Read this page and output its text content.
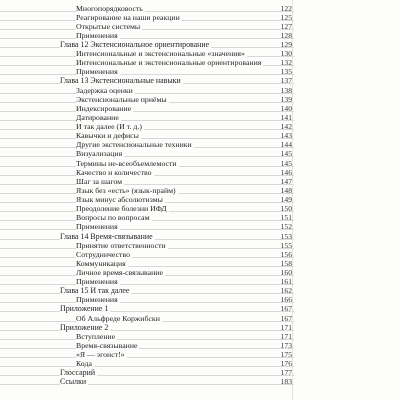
Многопорядковость	122
Реагирование на наши реакции	125
Открытые системы	127
Применения	128
Глава 12 Экстенсиональное ориентирование	129
Интенсиональные и экстенсиональные «значения»	130
Интенсиональные и экстенсиональные ориентирования	132
Применения	135
Глава 13 Экстенсиональные навыки	137
Задержка оценки	138
Экстенсиональные приёмы	139
Индексирование	140
Датирование	141
И так далее (И т. д.)	142
Кавычки и дефисы	143
Другие экстенсиональные техники	144
Визуализация	145
Термины не-всеобъемлемости	145
Качество и количество	146
Шаг за шагом	147
Язык без «есть» (язык-прайм)	148
Язык минус абсолютизмы	149
Преодоление болезни ИФД	150
Вопросы по вопросам	151
Применения	152
Глава 14 Время-связывание	153
Принятие ответственности	155
Сотрудничество	156
Коммуникация	158
Личное время-связывание	160
Применения	161
Глава 15 И так далее	162
Применения	166
Приложение 1	167
Об Альфреде Коржибски	167
Приложение 2	171
Вступление	171
Время-связывание	173
«Я — эгоист!»	175
Кода	176
Глоссарий	177
Ссылки	183
